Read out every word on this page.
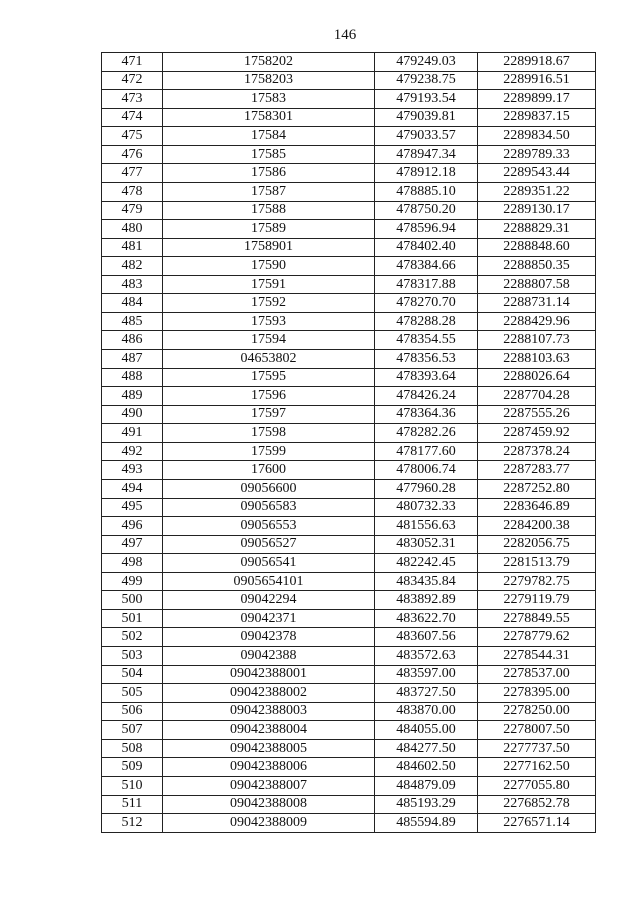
146
471	1758202	479249.03	2289918.67
472	1758203	479238.75	2289916.51
473	17583	479193.54	2289899.17
474	1758301	479039.81	2289837.15
475	17584	479033.57	2289834.50
476	17585	478947.34	2289789.33
477	17586	478912.18	2289543.44
478	17587	478885.10	2289351.22
479	17588	478750.20	2289130.17
480	17589	478596.94	2288829.31
481	1758901	478402.40	2288848.60
482	17590	478384.66	2288850.35
483	17591	478317.88	2288807.58
484	17592	478270.70	2288731.14
485	17593	478288.28	2288429.96
486	17594	478354.55	2288107.73
487	04653802	478356.53	2288103.63
488	17595	478393.64	2288026.64
489	17596	478426.24	2287704.28
490	17597	478364.36	2287555.26
491	17598	478282.26	2287459.92
492	17599	478177.60	2287378.24
493	17600	478006.74	2287283.77
494	09056600	477960.28	2287252.80
495	09056583	480732.33	2283646.89
496	09056553	481556.63	2284200.38
497	09056527	483052.31	2282056.75
498	09056541	482242.45	2281513.79
499	0905654101	483435.84	2279782.75
500	09042294	483892.89	2279119.79
501	09042371	483622.70	2278849.55
502	09042378	483607.56	2278779.62
503	09042388	483572.63	2278544.31
504	09042388001	483597.00	2278537.00
505	09042388002	483727.50	2278395.00
506	09042388003	483870.00	2278250.00
507	09042388004	484055.00	2278007.50
508	09042388005	484277.50	2277737.50
509	09042388006	484602.50	2277162.50
510	09042388007	484879.09	2277055.80
511	09042388008	485193.29	2276852.78
512	09042388009	485594.89	2276571.14
